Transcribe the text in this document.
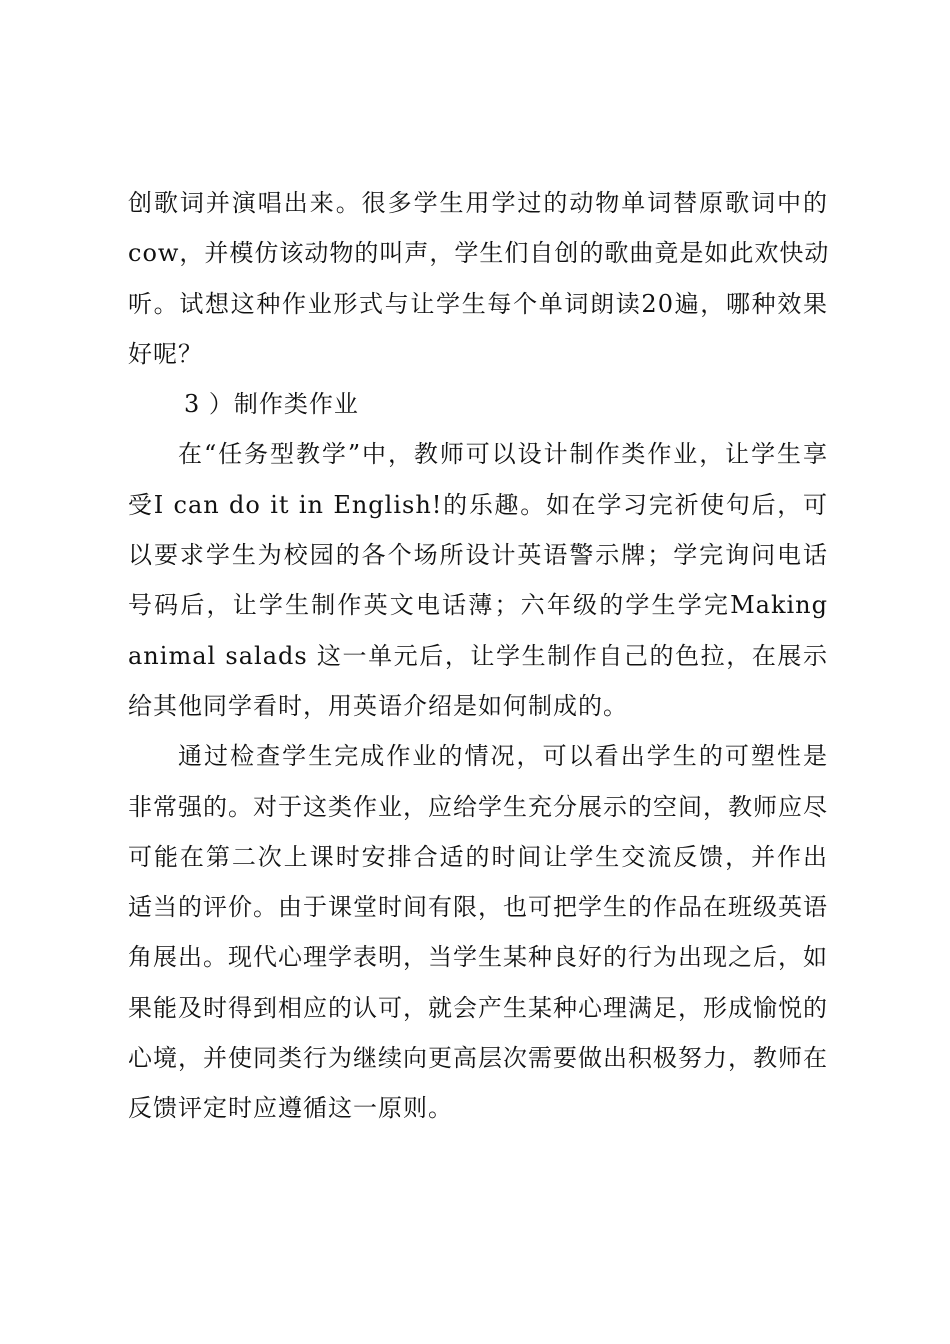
创歌词并演唱出来。很多学生用学过的动物单词替原歌词中的
cow，并模仿该动物的叫声，学生们自创的歌曲竟是如此欢快动
听。试想这种作业形式与让学生每个单词朗读20遍，哪种效果
好呢？
3 ）制作类作业
在“任务型教学”中，教师可以设计制作类作业，让学生享
受I can do it in English!的乐趣。如在学习完祈使句后，可
以要求学生为校园的各个场所设计英语警示牌；学完询问电话
号码后，让学生制作英文电话薄；六年级的学生学完Making
animal salads 这一单元后，让学生制作自己的色拉，在展示
给其他同学看时，用英语介绍是如何制成的。
通过检查学生完成作业的情况，可以看出学生的可塑性是
非常强的。对于这类作业，应给学生充分展示的空间，教师应尽
可能在第二次上课时安排合适的时间让学生交流反馈，并作出
适当的评价。由于课堂时间有限，也可把学生的作品在班级英语
角展出。现代心理学表明，当学生某种良好的行为出现之后，如
果能及时得到相应的认可，就会产生某种心理满足，形成愉悦的
心境，并使同类行为继续向更高层次需要做出积极努力，教师在
反馈评定时应遵循这一原则。
